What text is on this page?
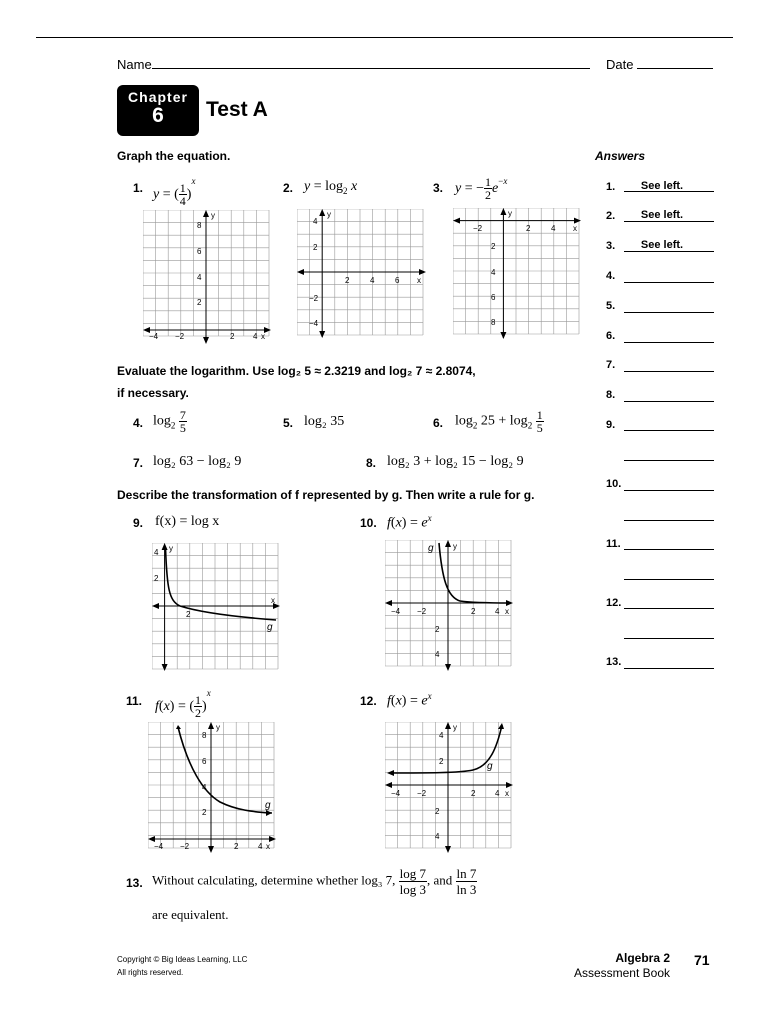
Name	Date
Chapter
6	Test A
Graph the equation.
1. y = ( $\frac{1}{4} )^x$	2. $y = \log_2 x$	3. y = − $\frac{1}{2} e^{-x}$
y
x
8
6
4
2
−4 −2	2 4
y
x
4
2
−2
−4
2	4	6
y
x
−2	2	4
2
4
6
8
Evaluate the logarithm. Use log₂ 5 ≈ 2.3219 and log₂ 7 ≈ 2.8074,
if necessary.
4. $\log_2 \frac{7}{5}$	5. log₂ 35	6. $\log_2 25 + \log_2 \frac{1}{5}$
7. log₂ 63 − log₂ 9	8. log₂ 3 + log₂ 15 − log₂ 9
Describe the transformation of f represented by g. Then write a rule for g.
9. f(x) = log x	10. $f(x) = e^x$
y
x
4
2
2
g
y
x
−4 −2	2 4
2
4
g
11. f(x) = ( $\frac{1}{2} )^x$
12. $f(x) = e^x$
y
x
8
6
4
2
−4 −2	2 4
g
y
x
−4 −2	2 4
4
2
2
4
g
13. Without calculating, determine whether log₃ 7, $\frac{\log 7}{\log 3}$ , and $\frac{\ln 7}{\ln 3}$
are equivalent.
Answers
1.	See left.
2.	See left.
3.	See left.
4.
5.
6.
7.
8.
9.
10.
11.
12.
13.
Copyright © Big Ideas Learning, LLC
All rights reserved.
Algebra 2
Assessment Book
71
